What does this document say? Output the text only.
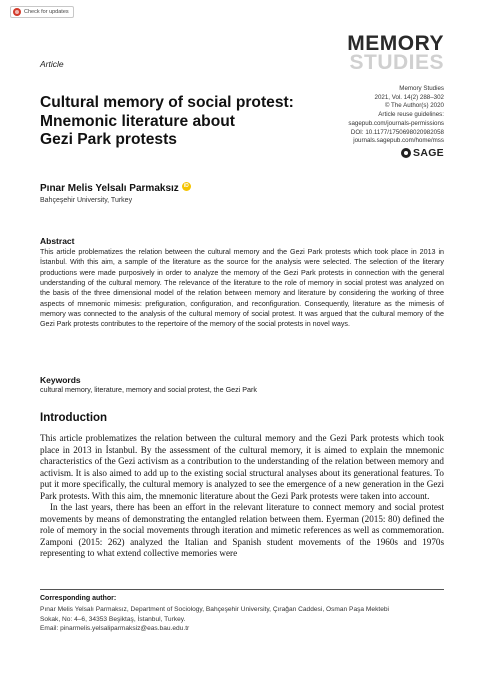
Check for updates
Article
MEMORY
STUDIES
Memory Studies
2021, Vol. 14(2) 288–302
© The Author(s) 2020
Article reuse guidelines:
sagepub.com/journals-permissions
DOI: 10.1177/1750698020982058
journals.sagepub.com/home/mss
SAGE
Cultural memory of social protest:
Mnemonic literature about
Gezi Park protests
Pınar Melis Yelsalı Parmaksız	iD
Bahçeşehir University, Turkey
Abstract

This article problematizes the relation between the cultural memory and the Gezi Park protests which took place in 2013 in İstanbul. With this aim, a sample of the literature as the source for the analysis were selected. The selection of the literary productions were made purposively in order to analyze the memory of the Gezi Park protests in connection with the general understanding of the cultural memory. The relevance of the literature to the role of memory in social protest was analyzed on the basis of the three dimensional model of the relation between memory and literature by considering the working of three aspects of mnemonic mimesis: prefiguration, configuration, and reconfiguration. Consequently, literature as the mimesis of memory was connected to the analysis of the cultural memory of social protest. It was argued that the cultural memory of the Gezi Park protests contributes to the repertoire of the memory of the social protests in novel ways.

Keywords

cultural memory, literature, memory and social protest, the Gezi Park

Introduction

This article problematizes the relation between the cultural memory and the Gezi Park protests which took place in 2013 in İstanbul. By the assessment of the cultural memory, it is aimed to explain the mnemonic characteristics of the Gezi activism as a contribution to the understanding of the relation between memory and activism. It is also aimed to add up to the existing social structural analyses about its generational features. To put it more specifically, the cultural memory is analyzed to see the emergence of a new generation in the Gezi Park protests. With this aim, the mnemonic literature about the Gezi Park protests were taken into account.

In the last years, there has been an effort in the relevant literature to connect memory and social protest movements by means of demonstrating the entangled relation between them. Eyerman (2015: 80) defined the role of memory in the social movements through iteration and mimetic references as well as commemoration. Zamponi (2015: 262) analyzed the Italian and Spanish student movements of the 1960s and 1970s representing to what extend collective memories were

Corresponding author:
Pınar Melis Yelsalı Parmaksız, Department of Sociology, Bahçeşehir University, Çırağan Caddesi, Osman Paşa Mektebi
Sokak, No: 4–6, 34353 Beşiktaş, İstanbul, Turkey.
Email: pinarmelis.yelsaliparmaksiz@eas.bau.edu.tr
